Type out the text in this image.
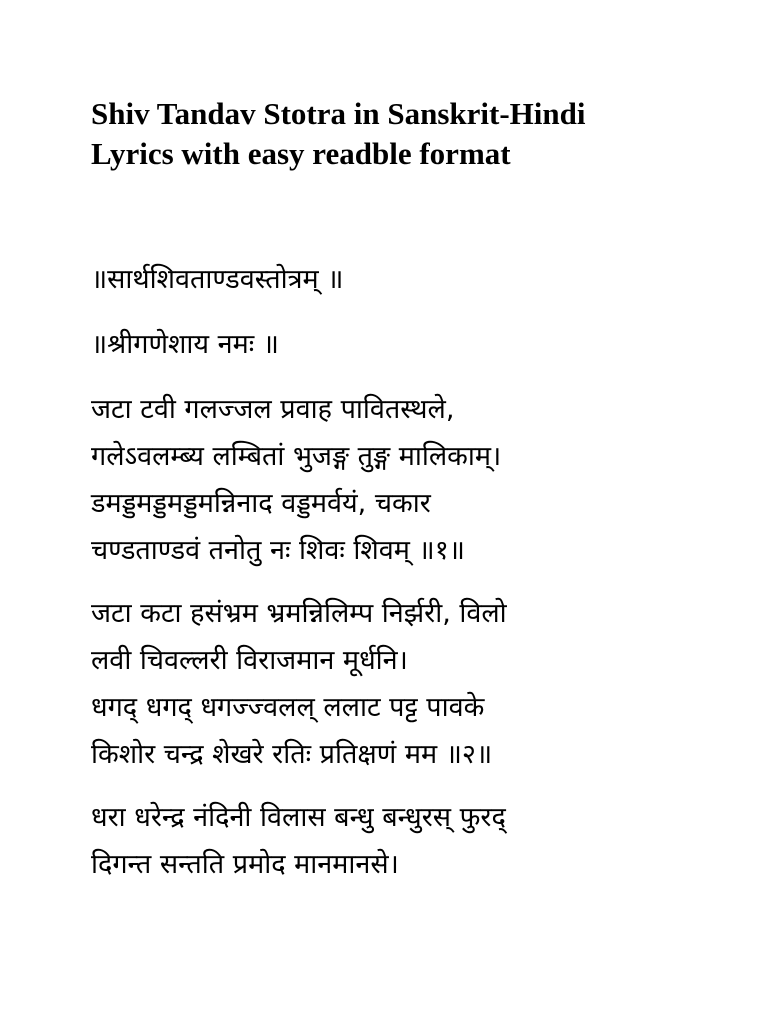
Shiv Tandav Stotra in Sanskrit-Hindi
Lyrics with easy readble format

॥सार्थशिवताण्डवस्तोत्रम् ॥

॥श्रीगणेशाय नमः ॥

जटा टवी गलज्जल प्रवाह पावितस्थले,
गलेऽवलम्ब्य लम्बितां भुजङ्ग तुङ्ग मालिकाम्।
डमड्डमड्डमड्डमन्निनाद वड्डमर्वयं, चकार
चण्डताण्डवं तनोतु नः शिवः शिवम् ॥१॥

जटा कटा हसंभ्रम भ्रमन्निलिम्प निर्झरी, विलो
लवी चिवल्लरी विराजमान मूर्धनि।
धगद् धगद् धगज्ज्वलल् ललाट पट्ट पावके
किशोर चन्द्र शेखरे रतिः प्रतिक्षणं मम ॥२॥

धरा धरेन्द्र नंदिनी विलास बन्धु बन्धुरस् फुरद्
दिगन्त सन्तति प्रमोद मानमानसे।
